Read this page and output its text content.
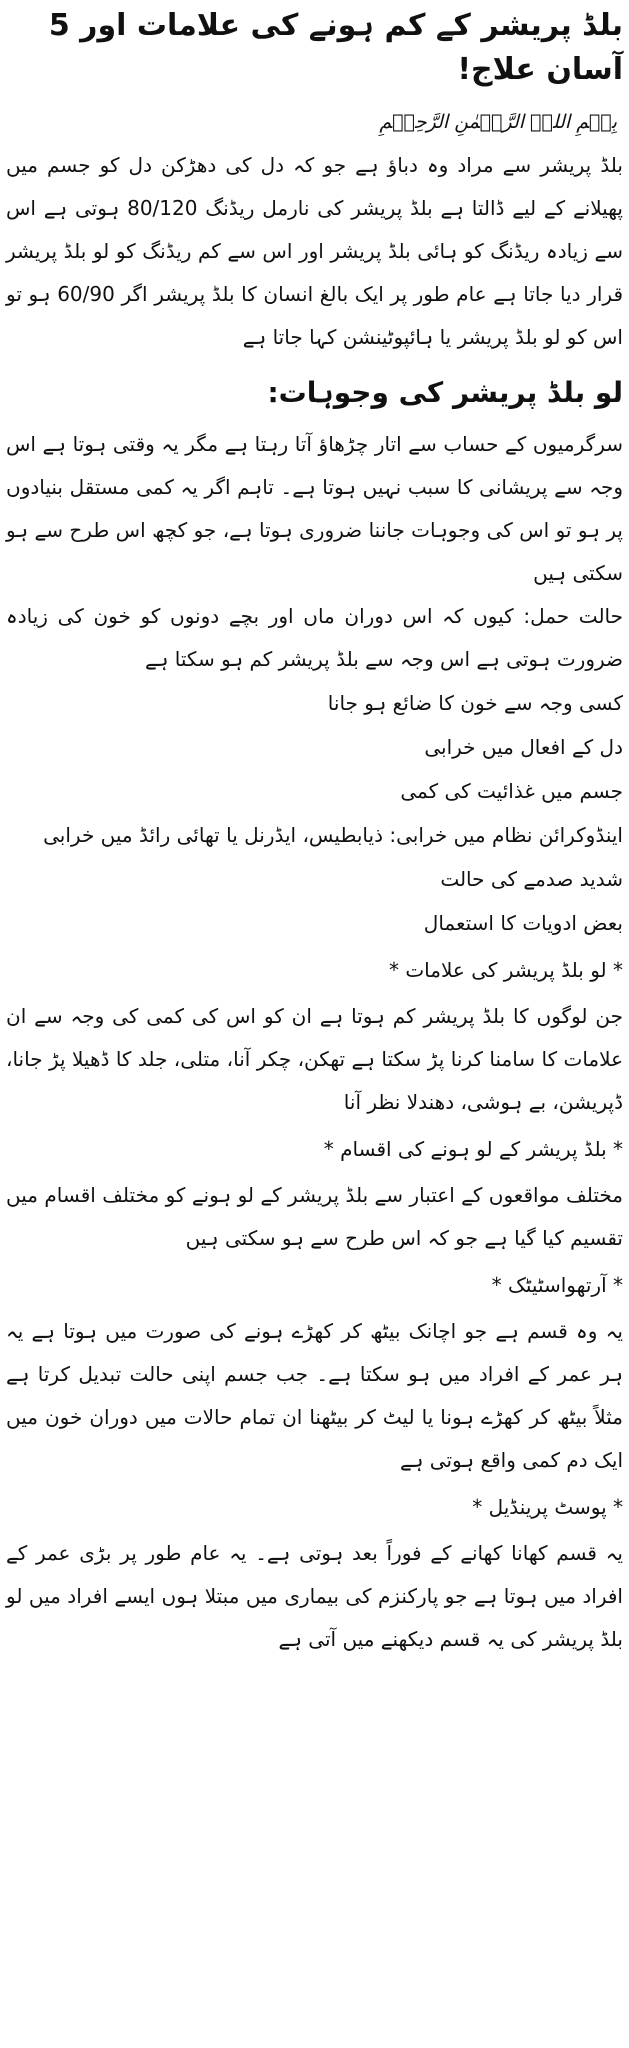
بلڈ پریشر کے کم ہونے کی علامات اور 5 آسان علاج!

بِسۡمِ اللہِ الرَّحۡمٰنِ الرَّحِیۡمِ

بلڈ پریشر سے مراد وہ دباؤ ہے جو کہ دل کی دھڑکن دل کو جسم میں پھیلانے کے لیے ڈالتا ہے بلڈ پریشر کی نارمل ریڈنگ 80/120 ہوتی ہے اس سے زیادہ ریڈنگ کو ہائی بلڈ پریشر اور اس سے کم ریڈنگ کو لو بلڈ پریشر قرار دیا جاتا ہے عام طور پر ایک بالغ انسان کا بلڈ پریشر اگر 60/90 ہو تو اس کو لو بلڈ پریشر یا ہائپوٹینشن کہا جاتا ہے

لو بلڈ پریشر کی وجوہات:

سرگرمیوں کے حساب سے اتار چڑھاؤ آتا رہتا ہے مگر یہ وقتی ہوتا ہے اس وجہ سے پریشانی کا سبب نہیں ہوتا ہے۔ تاہم اگر یہ کمی مستقل بنیادوں پر ہو تو اس کی وجوہات جاننا ضروری ہوتا ہے، جو کچھ اس طرح سے ہو سکتی ہیں

حالت حمل: کیوں کہ اس دوران ماں اور بچے دونوں کو خون کی زیادہ ضرورت ہوتی ہے اس وجہ سے بلڈ پریشر کم ہو سکتا ہے

کسی وجہ سے خون کا ضائع ہو جانا

دل کے افعال میں خرابی

جسم میں غذائیت کی کمی

اینڈوکرائن نظام میں خرابی: ذیابطیس، ایڈرنل یا تھائی رائڈ میں خرابی

شدید صدمے کی حالت

بعض ادویات کا استعمال

* لو بلڈ پریشر کی علامات *

جن لوگوں کا بلڈ پریشر کم ہوتا ہے ان کو اس کی کمی کی وجہ سے ان علامات کا سامنا کرنا پڑ سکتا ہے تھکن، چکر آنا، متلی، جلد کا ڈھیلا پڑ جانا، ڈپریشن، بے ہوشی، دھندلا نظر آنا

* بلڈ پریشر کے لو ہونے کی اقسام *

مختلف مواقعوں کے اعتبار سے بلڈ پریشر کے لو ہونے کو مختلف اقسام میں تقسیم کیا گیا ہے جو کہ اس طرح سے ہو سکتی ہیں

* آرتھواسٹیٹک *

یہ وہ قسم ہے جو اچانک بیٹھ کر کھڑے ہونے کی صورت میں ہوتا ہے یہ ہر عمر کے افراد میں ہو سکتا ہے۔ جب جسم اپنی حالت تبدیل کرتا ہے مثلاً بیٹھ کر کھڑے ہونا یا لیٹ کر بیٹھنا ان تمام حالات میں دوران خون میں ایک دم کمی واقع ہوتی ہے

* پوسٹ پرینڈیل *

یہ قسم کھانا کھانے کے فوراً بعد ہوتی ہے۔ یہ عام طور پر بڑی عمر کے افراد میں ہوتا ہے جو پارکنزم کی بیماری میں مبتلا ہوں ایسے افراد میں لو بلڈ پریشر کی یہ قسم دیکھنے میں آتی ہے
